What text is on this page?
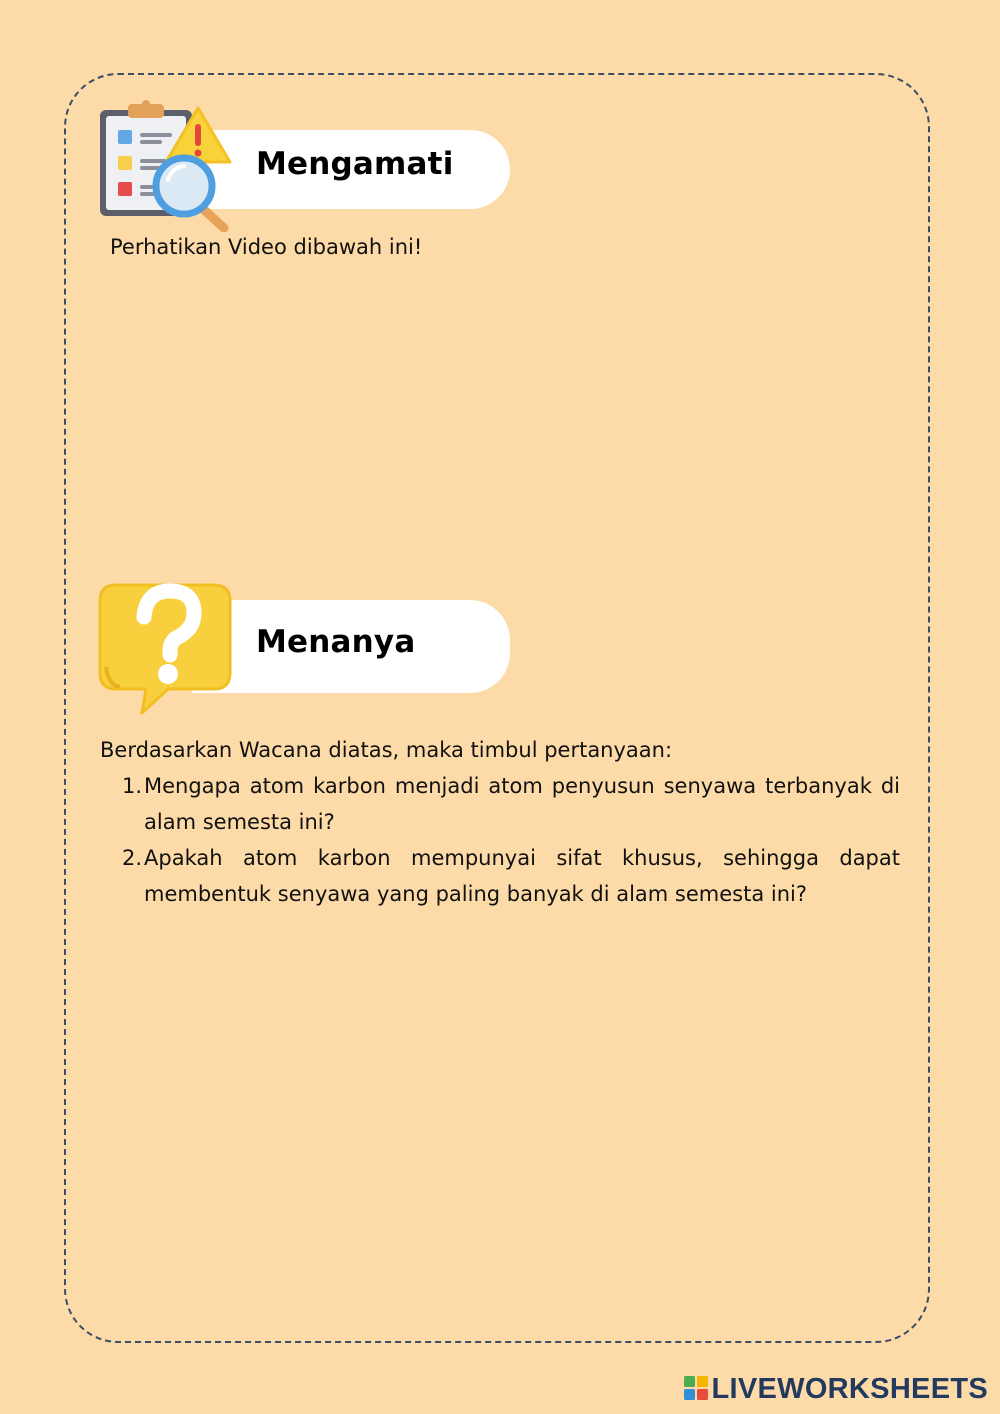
Mengamati
Perhatikan Video dibawah ini!
Menanya
Berdasarkan Wacana diatas, maka timbul pertanyaan:
1. Mengapa atom karbon menjadi atom penyusun senyawa terbanyak di alam semesta ini?
2. Apakah atom karbon mempunyai sifat khusus, sehingga dapat membentuk senyawa yang paling banyak di alam semesta ini?
LIVEWORKSHEETS
